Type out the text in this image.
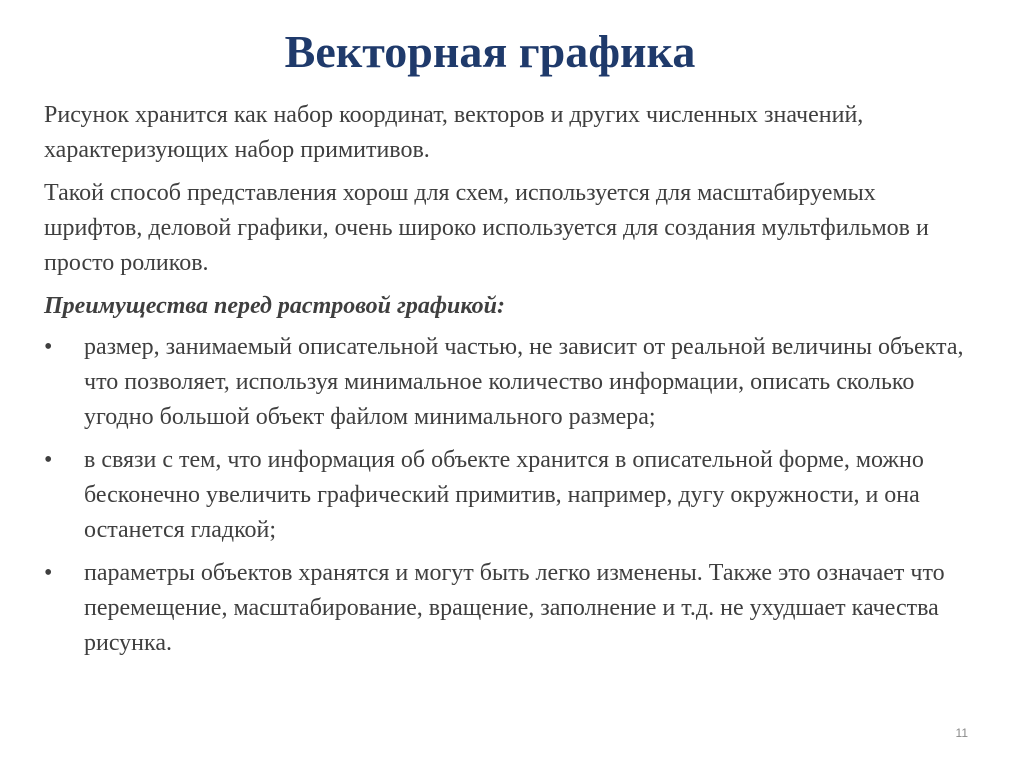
Векторная графика

Рисунок хранится как набор координат, векторов и других численных значений, характеризующих набор примитивов.

Такой способ представления хорош для схем, используется для масштабируемых шрифтов, деловой графики, очень широко используется для создания мультфильмов и просто роликов.

Преимущества перед растровой графикой:

• размер, занимаемый описательной частью, не зависит от реальной величины объекта, что позволяет, используя минимальное количество информации, описать сколько угодно большой объект файлом минимального размера;
• в связи с тем, что информация об объекте хранится в описательной форме, можно бесконечно увеличить графический примитив, например, дугу окружности, и она останется гладкой;
• параметры объектов хранятся и могут быть легко изменены. Также это означает что перемещение, масштабирование, вращение, заполнение и т.д. не ухудшает качества рисунка.
11
